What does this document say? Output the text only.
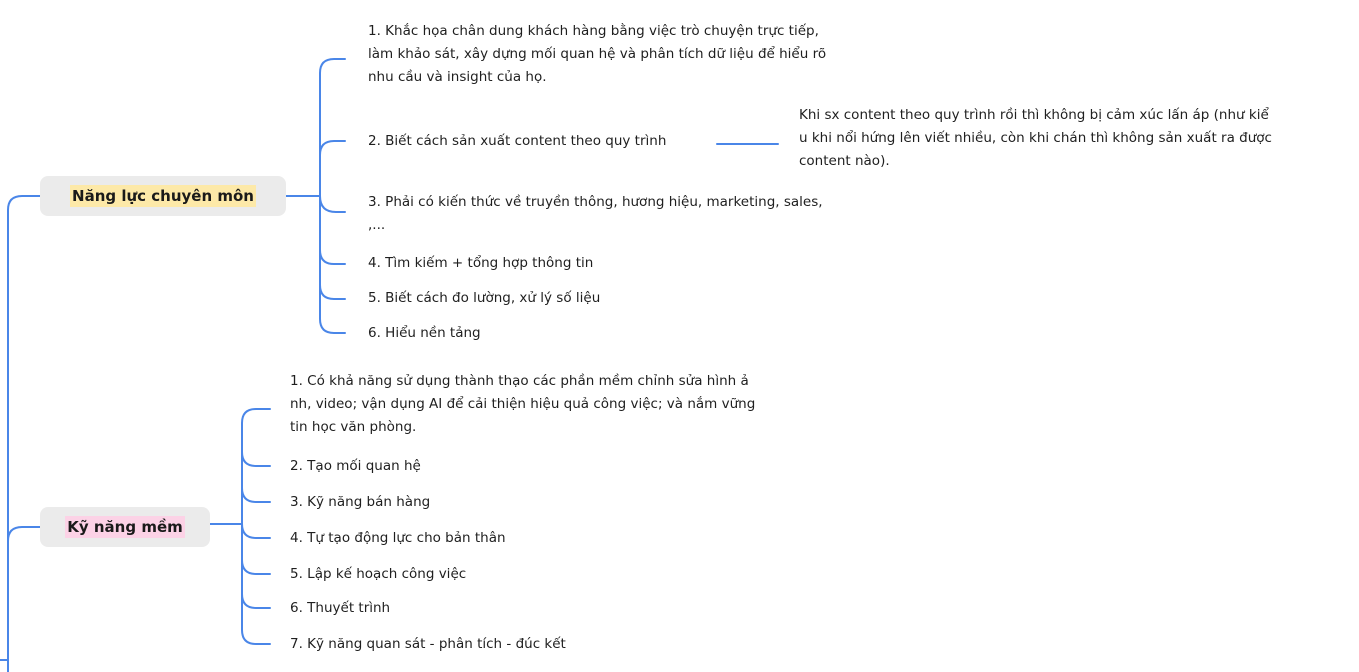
Năng lực chuyên môn
Kỹ năng mềm
1. Khắc họa chân dung khách hàng bằng việc trò chuyện trực tiếp,
làm khảo sát, xây dựng mối quan hệ và phân tích dữ liệu để hiểu rõ
nhu cầu và insight của họ.
2. Biết cách sản xuất content theo quy trình
3. Phải có kiến thức về truyền thông, hương hiệu, marketing, sales,
,...
4. Tìm kiếm + tổng hợp thông tin
5. Biết cách đo lường, xử lý số liệu
6. Hiểu nền tảng
Khi sx content theo quy trình rồi thì không bị cảm xúc lấn áp (như kiể
u khi nổi hứng lên viết nhiều, còn khi chán thì không sản xuất ra được
content nào).
1. Có khả năng sử dụng thành thạo các phần mềm chỉnh sửa hình ả
nh, video; vận dụng AI để cải thiện hiệu quả công việc; và nắm vững
tin học văn phòng.
2. Tạo mối quan hệ
3. Kỹ năng bán hàng
4. Tự tạo động lực cho bản thân
5. Lập kế hoạch công việc
6. Thuyết trình
7. Kỹ năng quan sát - phân tích - đúc kết
